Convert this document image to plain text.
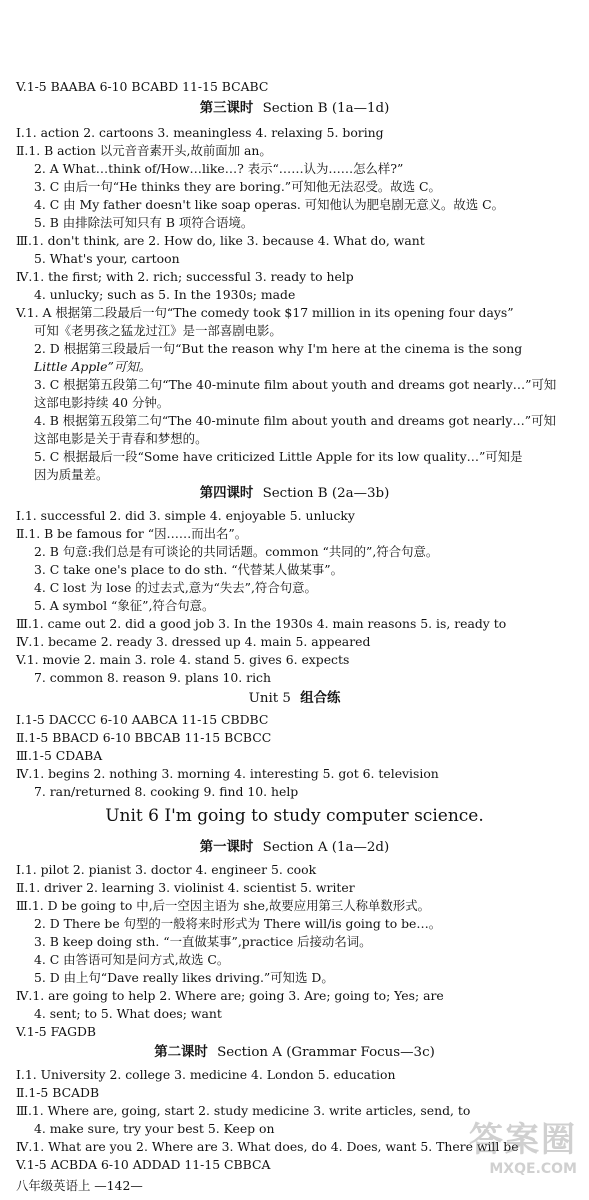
V.1-5 BAABA 6-10 BCABD 11-15 BCABC
第三课时 Section B (1a—1d)
Ⅰ.1. action 2. cartoons 3. meaningless 4. relaxing 5. boring
Ⅱ.1. B action 以元音音素开头,故前面加 an。
2. A What…think of/How…like…? 表示“……认为……怎么样?”
3. C 由后一句“He thinks they are boring.”可知他无法忍受。故选 C。
4. C 由 My father doesn't like soap operas. 可知他认为肥皂剧无意义。故选 C。
5. B 由排除法可知只有 B 项符合语境。
Ⅲ.1. don't think, are 2. How do, like 3. because 4. What do, want
5. What's your, cartoon
Ⅳ.1. the first; with 2. rich; successful 3. ready to help
4. unlucky; such as 5. In the 1930s; made
V.1. A 根据第二段最后一句“The comedy took $17 million in its opening four days”
可知《老男孩之猛龙过江》是一部喜剧电影。
2. D 根据第三段最后一句“But the reason why I'm here at the cinema is the song
Little Apple”可知。
3. C 根据第五段第二句“The 40-minute film about youth and dreams got nearly…”可知
这部电影持续 40 分钟。
4. B 根据第五段第二句“The 40-minute film about youth and dreams got nearly…”可知
这部电影是关于青春和梦想的。
5. C 根据最后一段“Some have criticized Little Apple for its low quality…”可知是
因为质量差。
第四课时 Section B (2a—3b)
Ⅰ.1. successful 2. did 3. simple 4. enjoyable 5. unlucky
Ⅱ.1. B be famous for “因……而出名”。
2. B 句意:我们总是有可谈论的共同话题。common “共同的”,符合句意。
3. C take one's place to do sth. “代替某人做某事”。
4. C lost 为 lose 的过去式,意为“失去”,符合句意。
5. A symbol “象征”,符合句意。
Ⅲ.1. came out 2. did a good job 3. In the 1930s 4. main reasons 5. is, ready to
Ⅳ.1. became 2. ready 3. dressed up 4. main 5. appeared
V.1. movie 2. main 3. role 4. stand 5. gives 6. expects
7. common 8. reason 9. plans 10. rich
Unit 5 组合练
Ⅰ.1-5 DACCC 6-10 AABCA 11-15 CBDBC
Ⅱ.1-5 BBACD 6-10 BBCAB 11-15 BCBCC
Ⅲ.1-5 CDABA
Ⅳ.1. begins 2. nothing 3. morning 4. interesting 5. got 6. television
7. ran/returned 8. cooking 9. find 10. help
Unit 6 I'm going to study computer science.
第一课时 Section A (1a—2d)
Ⅰ.1. pilot 2. pianist 3. doctor 4. engineer 5. cook
Ⅱ.1. driver 2. learning 3. violinist 4. scientist 5. writer
Ⅲ.1. D be going to 中,后一空因主语为 she,故要应用第三人称单数形式。
2. D There be 句型的一般将来时形式为 There will/is going to be…。
3. B keep doing sth. “一直做某事”,practice 后接动名词。
4. C 由答语可知是问方式,故选 C。
5. D 由上句“Dave really likes driving.”可知选 D。
Ⅳ.1. are going to help 2. Where are; going 3. Are; going to; Yes; are
4. sent; to 5. What does; want
V.1-5 FAGDB
第二课时 Section A (Grammar Focus—3c)
Ⅰ.1. University 2. college 3. medicine 4. London 5. education
Ⅱ.1-5 BCADB
Ⅲ.1. Where are, going, start 2. study medicine 3. write articles, send, to
4. make sure, try your best 5. Keep on
Ⅳ.1. What are you 2. Where are 3. What does, do 4. Does, want 5. There will be
八年级英语上 —142—
V.1-5 ACBDA 6-10 ADDAD 11-15 CBBCA
答案圈
MXQE.COM
